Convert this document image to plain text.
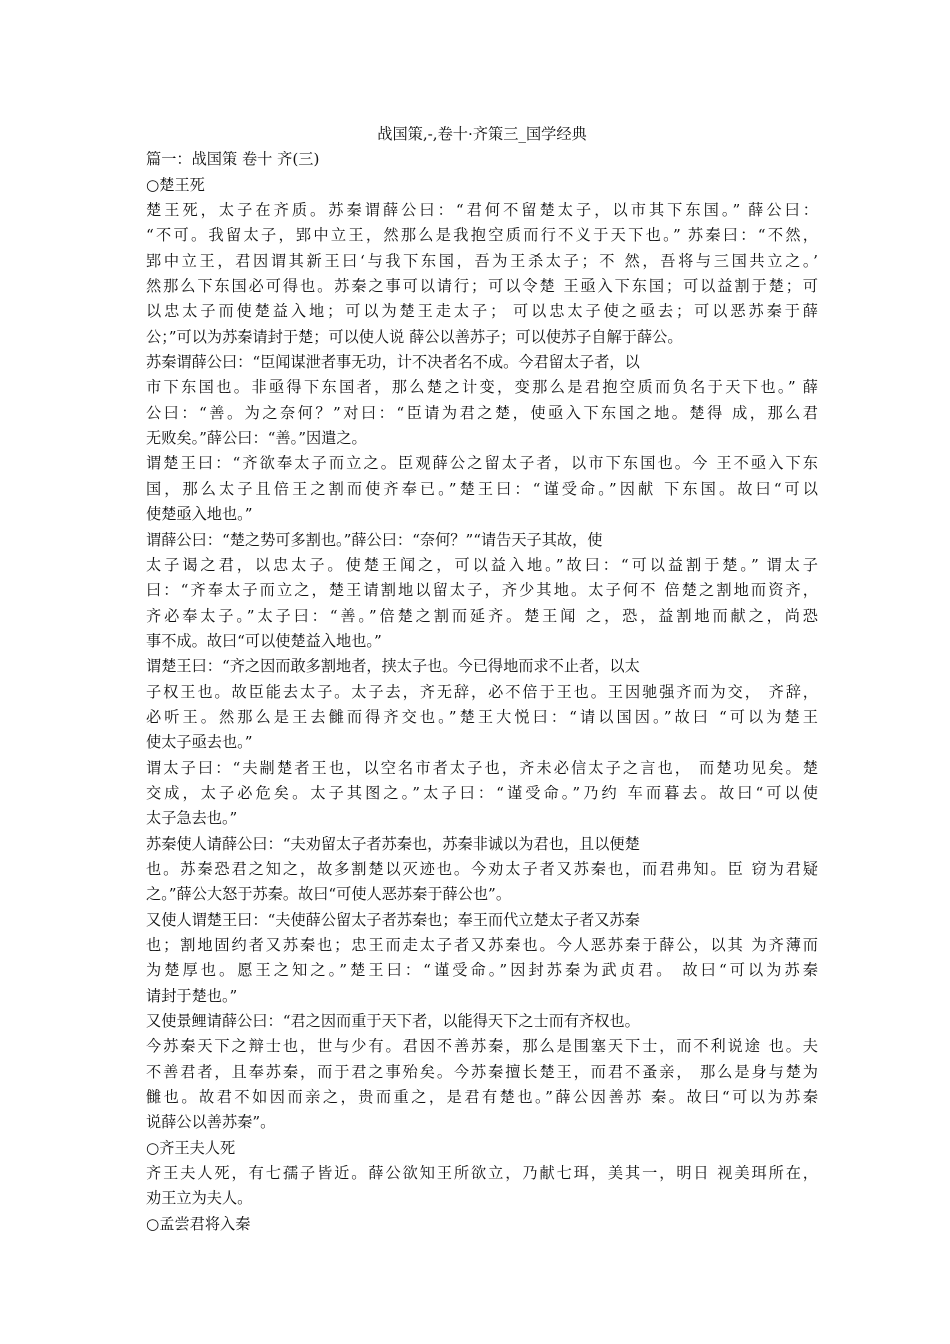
战国策,-,卷十·齐策三_国学经典

篇一：战国策 卷十 齐(三)

○楚王死

楚王死，太子在齐质。苏秦谓薛公曰：“君何不留楚太子，以市其下东国。” 薛公曰：

“不可。我留太子，郢中立王，然那么是我抱空质而行不义于天下也。” 苏秦曰：“不然，

郢中立王，君因谓其新王曰‘与我下东国，吾为王杀太子；不 然，吾将与三国共立之。’

然那么下东国必可得也。苏秦之事可以请行；可以令楚 王亟入下东国；可以益割于楚；可

以忠太子而使楚益入地；可以为楚王走太子； 可以忠太子使之亟去；可以恶苏秦于薛

公；”可以为苏秦请封于楚；可以使人说 薛公以善苏子；可以使苏子自解于薛公。

苏秦谓薛公曰：“臣闻谋泄者事无功，计不决者名不成。今君留太子者，以

市下东国也。非亟得下东国者，那么楚之计变，变那么是君抱空质而负名于天下也。” 薛

公曰：“善。为之奈何？”对曰：“臣请为君之楚，使亟入下东国之地。楚得 成，那么君

无败矣。”薛公曰：“善。”因遣之。

谓楚王曰：“齐欲奉太子而立之。臣观薛公之留太子者，以市下东国也。今 王不亟入下东

国，那么太子且倍王之割而使齐奉已。”楚王曰：“谨受命。”因献 下东国。故曰“可以

使楚亟入地也。”

谓薛公曰：“楚之势可多割也。”薛公曰：“奈何？”“请告天子其故，使

太子谒之君，以忠太子。使楚王闻之，可以益入地。”故曰：“可以益割于楚。” 谓太子

曰：“齐奉太子而立之，楚王请割地以留太子，齐少其地。太子何不 倍楚之割地而资齐，

齐必奉太子。”太子曰：“善。”倍楚之割而延齐。楚王闻 之，恐，益割地而献之，尚恐

事不成。故曰“可以使楚益入地也。”

谓楚王曰：“齐之因而敢多割地者，挟太子也。今已得地而求不止者，以太

子权王也。故臣能去太子。太子去，齐无辞，必不倍于王也。王因驰强齐而为交， 齐辞，

必听王。然那么是王去雠而得齐交也。”楚王大悦曰：“请以国因。”故曰 “可以为楚王

使太子亟去也。”

谓太子曰：“夫剬楚者王也，以空名市者太子也，齐未必信太子之言也， 而楚功见矣。楚

交成，太子必危矣。太子其图之。”太子曰：“谨受命。”乃约 车而暮去。故曰“可以使

太子急去也。”

苏秦使人请薛公曰：“夫劝留太子者苏秦也，苏秦非诚以为君也，且以便楚

也。苏秦恐君之知之，故多割楚以灭迹也。今劝太子者又苏秦也，而君弗知。臣 窃为君疑

之。”薛公大怒于苏秦。故曰“可使人恶苏秦于薛公也”。

又使人谓楚王曰：“夫使薛公留太子者苏秦也；奉王而代立楚太子者又苏秦

也；割地固约者又苏秦也；忠王而走太子者又苏秦也。今人恶苏秦于薛公，以其 为齐薄而

为楚厚也。愿王之知之。”楚王曰：“谨受命。”因封苏秦为武贞君。 故曰“可以为苏秦

请封于楚也。”

又使景鲤请薛公曰：“君之因而重于天下者，以能得天下之士而有齐权也。

今苏秦天下之辩士也，世与少有。君因不善苏秦，那么是围塞天下士，而不利说途 也。夫

不善君者，且奉苏秦，而于君之事殆矣。今苏秦擅长楚王，而君不蚤亲， 那么是身与楚为

雠也。故君不如因而亲之，贵而重之，是君有楚也。”薛公因善苏 秦。故曰“可以为苏秦

说薛公以善苏秦”。

○齐王夫人死

齐王夫人死，有七孺子皆近。薛公欲知王所欲立，乃献七珥，美其一，明日 视美珥所在，

劝王立为夫人。

○孟尝君将入秦
